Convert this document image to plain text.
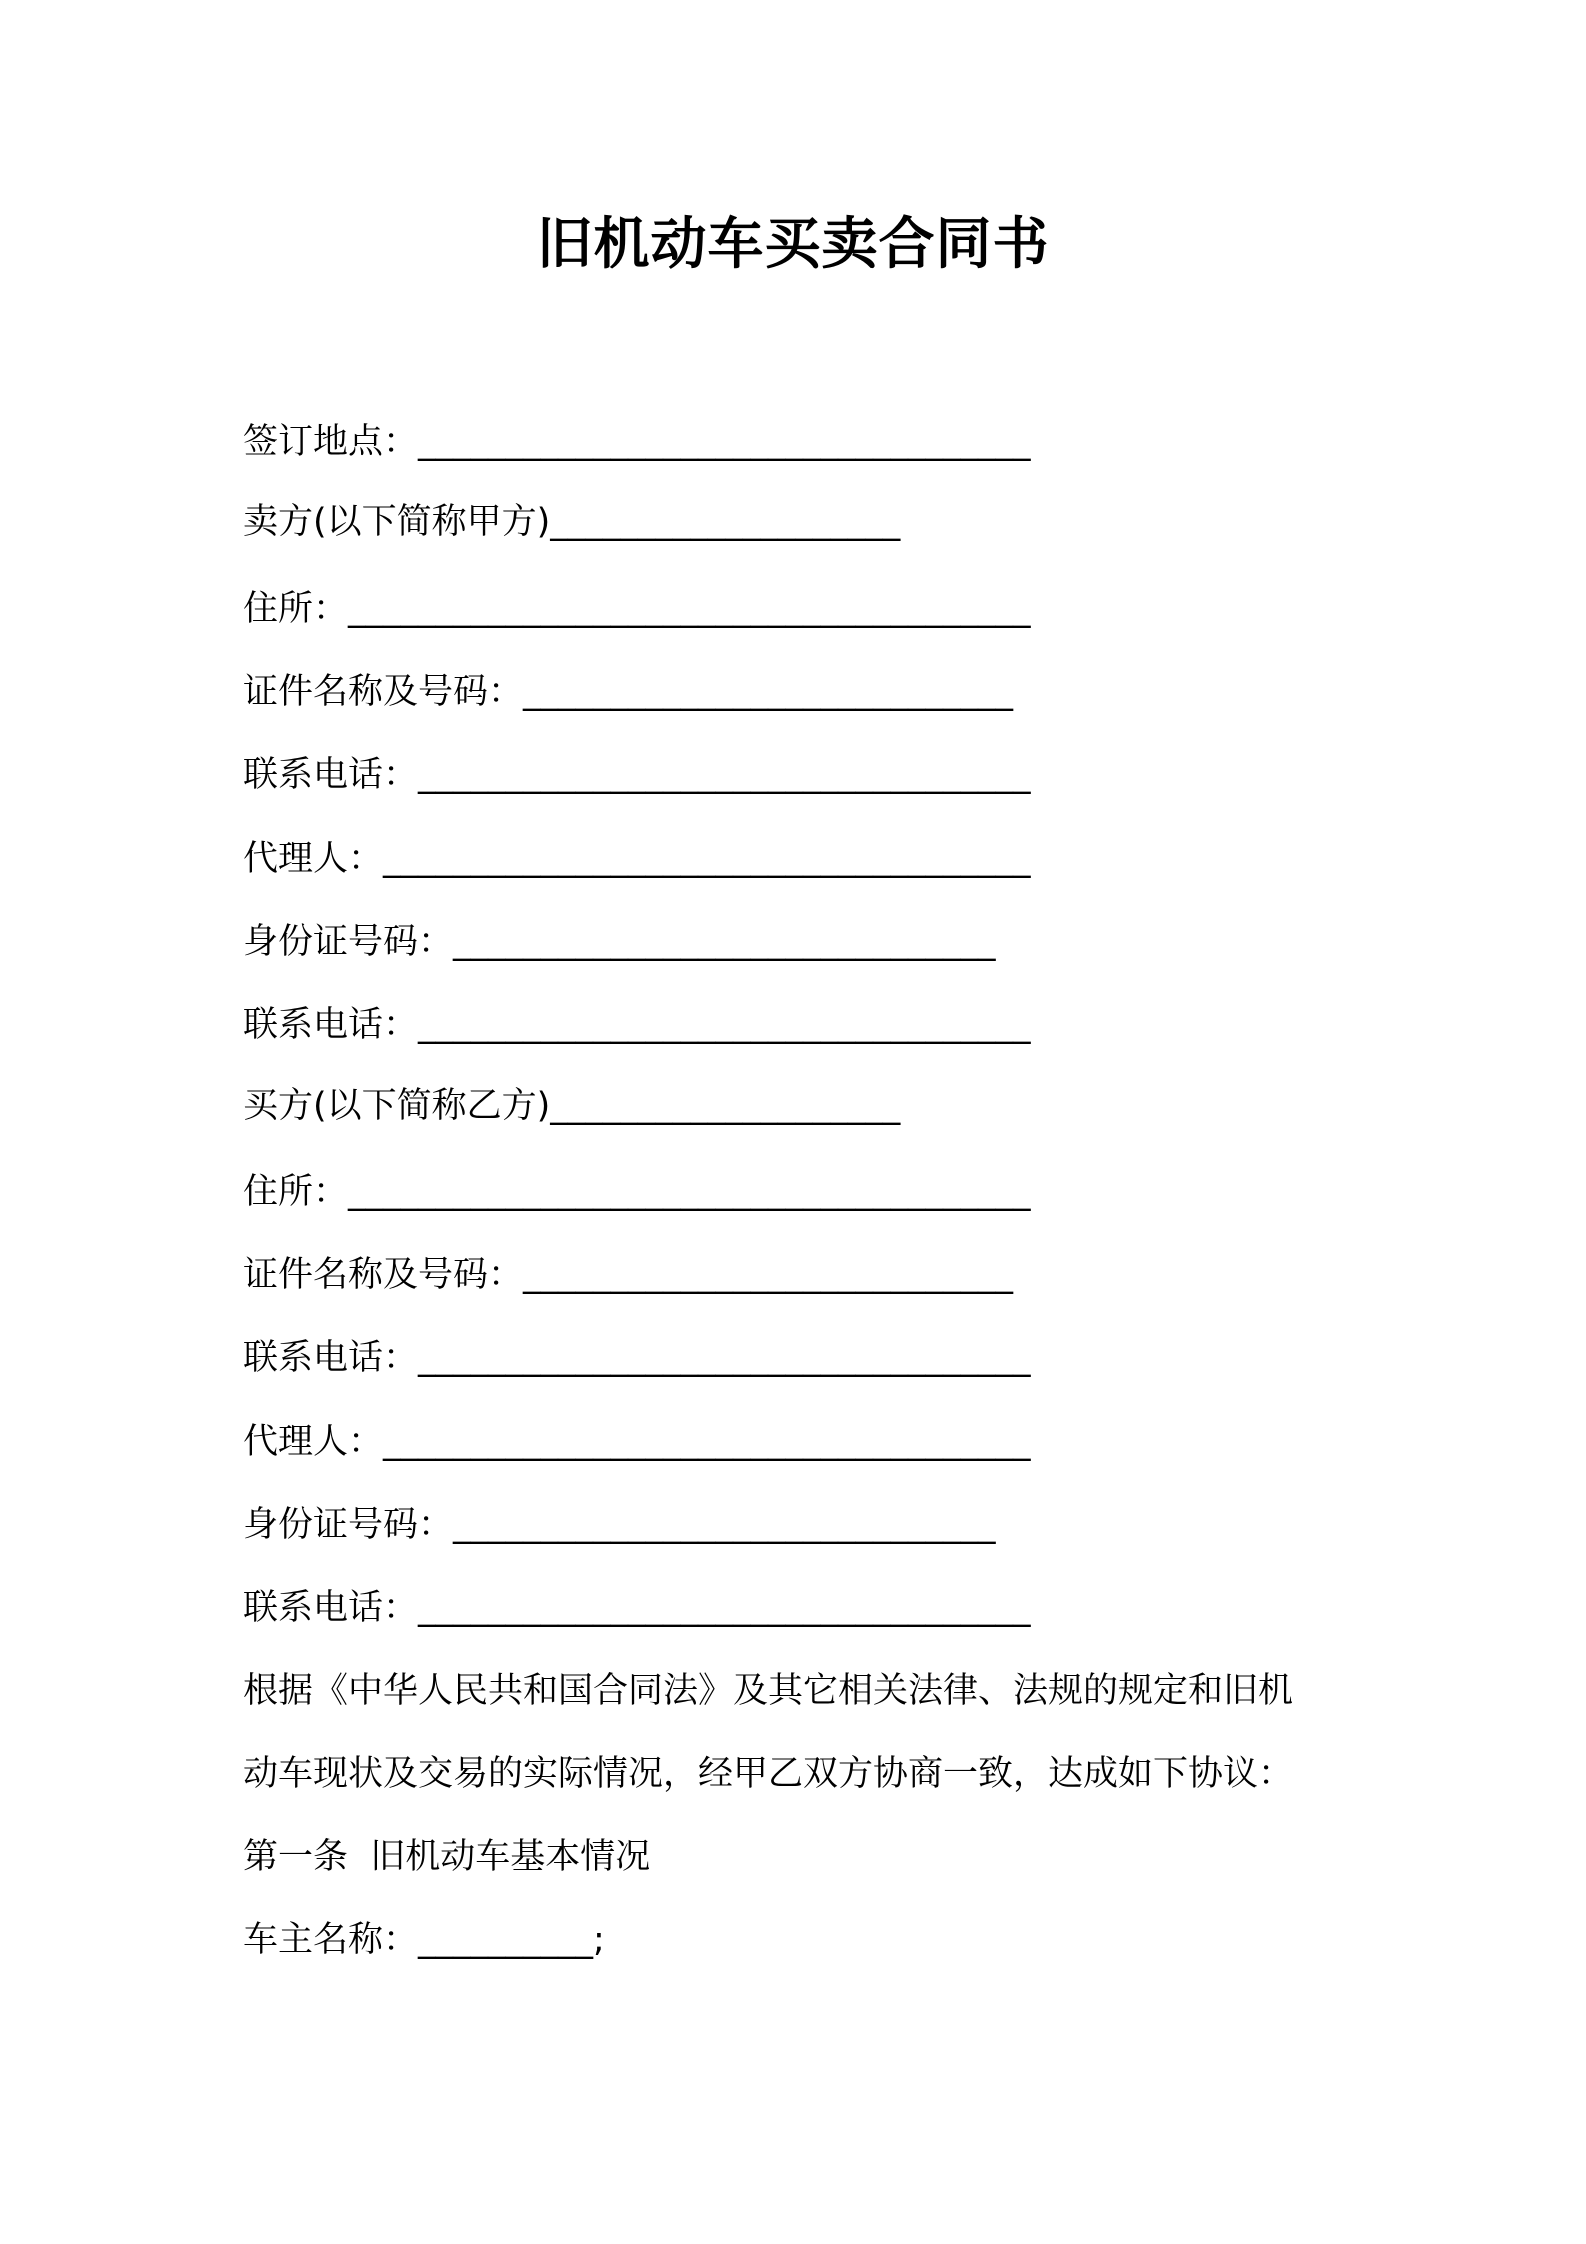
旧机动车买卖合同书
签订地点：___________________________________
卖方(以下简称甲方)____________________
住所：_______________________________________
证件名称及号码：____________________________
联系电话：___________________________________
代理人：_____________________________________
身份证号码：_______________________________
联系电话：___________________________________
买方(以下简称乙方)____________________
住所：_______________________________________
证件名称及号码：____________________________
联系电话：___________________________________
代理人：_____________________________________
身份证号码：_______________________________
联系电话：___________________________________
根据《中华人民共和国合同法》及其它相关法律、法规的规定和旧机
动车现状及交易的实际情况，经甲乙双方协商一致，达成如下协议：
第一条  旧机动车基本情况
车主名称：__________;
